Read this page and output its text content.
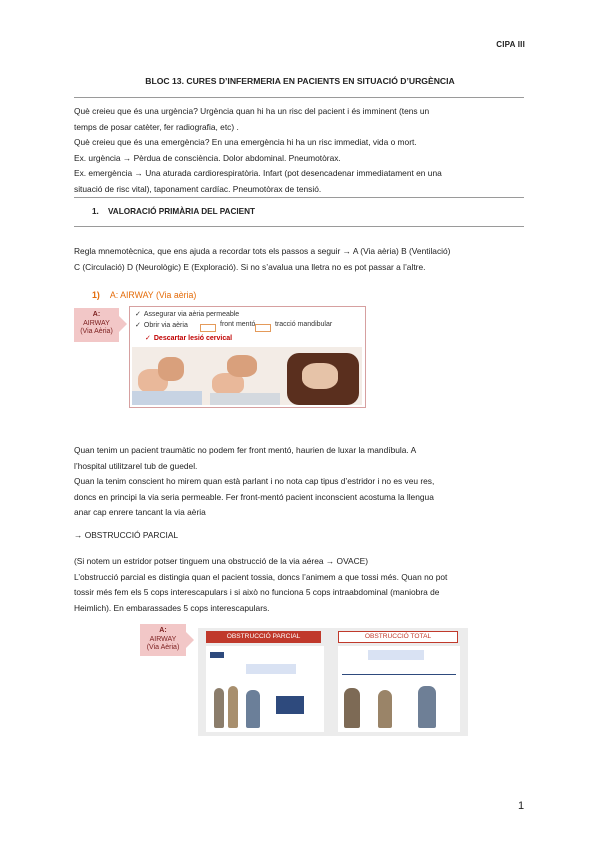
CIPA III
BLOC 13. CURES D’INFERMERIA EN PACIENTS EN SITUACIÓ D’URGÈNCIA

Què creieu que és una urgència? Urgència quan hi ha un risc del pacient i és imminent (tens un

temps de posar catèter, fer radiografia, etc) .

Què creieu que és una emergència? En una emergència hi ha un risc immediat, vida o mort.

Ex. urgència → Pèrdua de consciència. Dolor abdominal. Pneumotòrax.

Ex. emergència → Una aturada cardiorespiratòria. Infart (pot desencadenar immediatament en una

situació de risc vital), taponament cardíac. Pneumotòrax de tensió.

1. VALORACIÓ PRIMÀRIA DEL PACIENT

Regla mnemotècnica, que ens ajuda a recordar tots els passos a seguir → A (Via aèria) B (Ventilació)

C (Circulació) D (Neurològic) E (Exploració). Si no s’avalua una lletra no es pot passar a l’altre.

1) A: AIRWAY (Via aèria)
A:
AIRWAY
(Via Aèria)
✓ Assegurar via aèria permeable
✓ Obrir via aèria	front mentó	tracció mandibular
✓ Descartar lesió cervical

Quan tenim un pacient traumàtic no podem fer front mentó, haurien de luxar la mandíbula. A

l’hospital utilitzarel tub de guedel.

Quan la tenim conscient ho mirem quan està parlant i no nota cap tipus d’estridor i no es veu res,

doncs en principi la via seria permeable. Fer front-mentó pacient inconscient acostuma la llengua

anar cap enrere tancant la via aèria

→ OBSTRUCCIÓ PARCIAL

(Si notem un estridor potser tinguem una obstrucció de la via aérea → OVACE)

L’obstrucció parcial es distingia quan el pacient tossia, doncs l’animem a que tossi més. Quan no pot

tossir més fem els 5 cops interescapulars i si això no funciona 5 cops intraabdominal (maniobra de

Heimlich). En embarassades 5 cops interescapulars.

A:
AIRWAY
(Via Aèria)
OBSTRUCCIÓ PARCIAL	OBSTRUCCIÓ TOTAL
1
